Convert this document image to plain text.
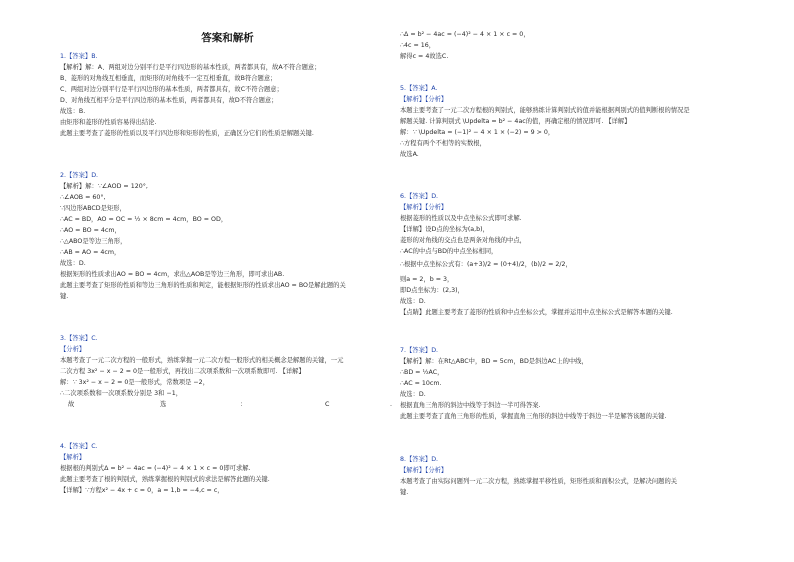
答案和解析
1.【答案】B.
【解析】解：A、两组对边分别平行是平行四边形的基本性质，两者都具有，故A不符合题意；
B、菱形的对角线互相垂直，而矩形的对角线不一定互相垂直，故B符合题意；
C、两组对边分别平行是平行四边形的基本性质，两者都具有，故C不符合题意；
D、对角线互相平分是平行四边形的基本性质，两者都具有，故D不符合题意；
故选：B.
由矩形和菱形的性质容易得出结论.
此题主要考查了菱形的性质以及平行四边形和矩形的性质，正确区分它们的性质是解题关键.
2.【答案】D.
【解析】解：∵∠AOD = 120°,
∴∠AOB = 60°,
∵四边形ABCD是矩形，
∴AC = BD，AO = OC = ½ × 8cm = 4cm，BO = OD，
∴AO = BO = 4cm，
∴△ABO是等边三角形，
∴AB = AO = 4cm，
故选：D.
根据矩形的性质求出AO = BO = 4cm，求出△AOB是等边三角形，即可求出AB.
此题主要考查了矩形的性质和等边三角形的性质和判定，能根据矩形的性质求出AO = BO是解此题的关
键.
3.【答案】C.
【分析】
本题考查了一元二次方程的一般形式，熟练掌握一元二次方程一般形式的相关概念是解题的关键，一元
二次方程 3x² − x − 2 = 0是一般形式，再找出二次项系数和一次项系数即可. 【详解】
解：∵ 3x² − x − 2 = 0是一般形式，常数项是 −2，
∴二次项系数和一次项系数分别是 3和 −1，
4.【答案】C.
【解析】
根据根的判别式Δ = b² − 4ac = (−4)² − 4 × 1 × c = 0即可求解.
此题主要考查了根的判别式，熟练掌握根的判别式的求法是解答此题的关键.
【详解】∵方程x² − 4x + c = 0，a = 1,b = −4,c = c，
故	选	：	C	.
∴Δ = b² − 4ac = (−4)² − 4 × 1 × c = 0，
∴4c = 16，
解得c = 4故选C.
5.【答案】A.
【解析】【分析】
本题主要考查了一元二次方程根的判别式，能够熟练计算判别式的值并能根据判别式的值判断根的情况是
解题关键. 计算判别式 \Updelta = b² − 4ac的值，再确定根的情况即可. 【详解】
解：∵ \Updelta = (−1)² − 4 × 1 × (−2) = 9 > 0，
∴方程有两个不相等的实数根，
故选A.
6.【答案】D.
【解析】【分析】
根据菱形的性质以及中点坐标公式即可求解.
【详解】设D点的坐标为(a,b)，
菱形的对角线的交点也是两条对角线的中点，
∴AC的中点与BD的中点坐标相同，
∴根据中点坐标公式有：(a+3)/2 = (0+4)/2，(b)/2 = 2/2，
则a = 2，b = 3，
即D点坐标为：(2,3)，
故选：D.
【点睛】此题主要考查了菱形的性质和中点坐标公式，掌握并运用中点坐标公式是解答本题的关键.
7.【答案】D.
【解析】解：在Rt△ABC中，BD = 5cm，BD是斜边AC上的中线，
∴BD = ½AC，
∴AC = 10cm.
故选：D.
根据直角三角形的斜边中线等于斜边一半可得答案.
此题主要考查了直角三角形的性质，掌握直角三角形的斜边中线等于斜边一半是解答该题的关键.
8.【答案】D.
【解析】【分析】
本题考查了由实际问题列一元二次方程，熟练掌握平移性质，矩形性质和面积公式，是解决问题的关
键.
